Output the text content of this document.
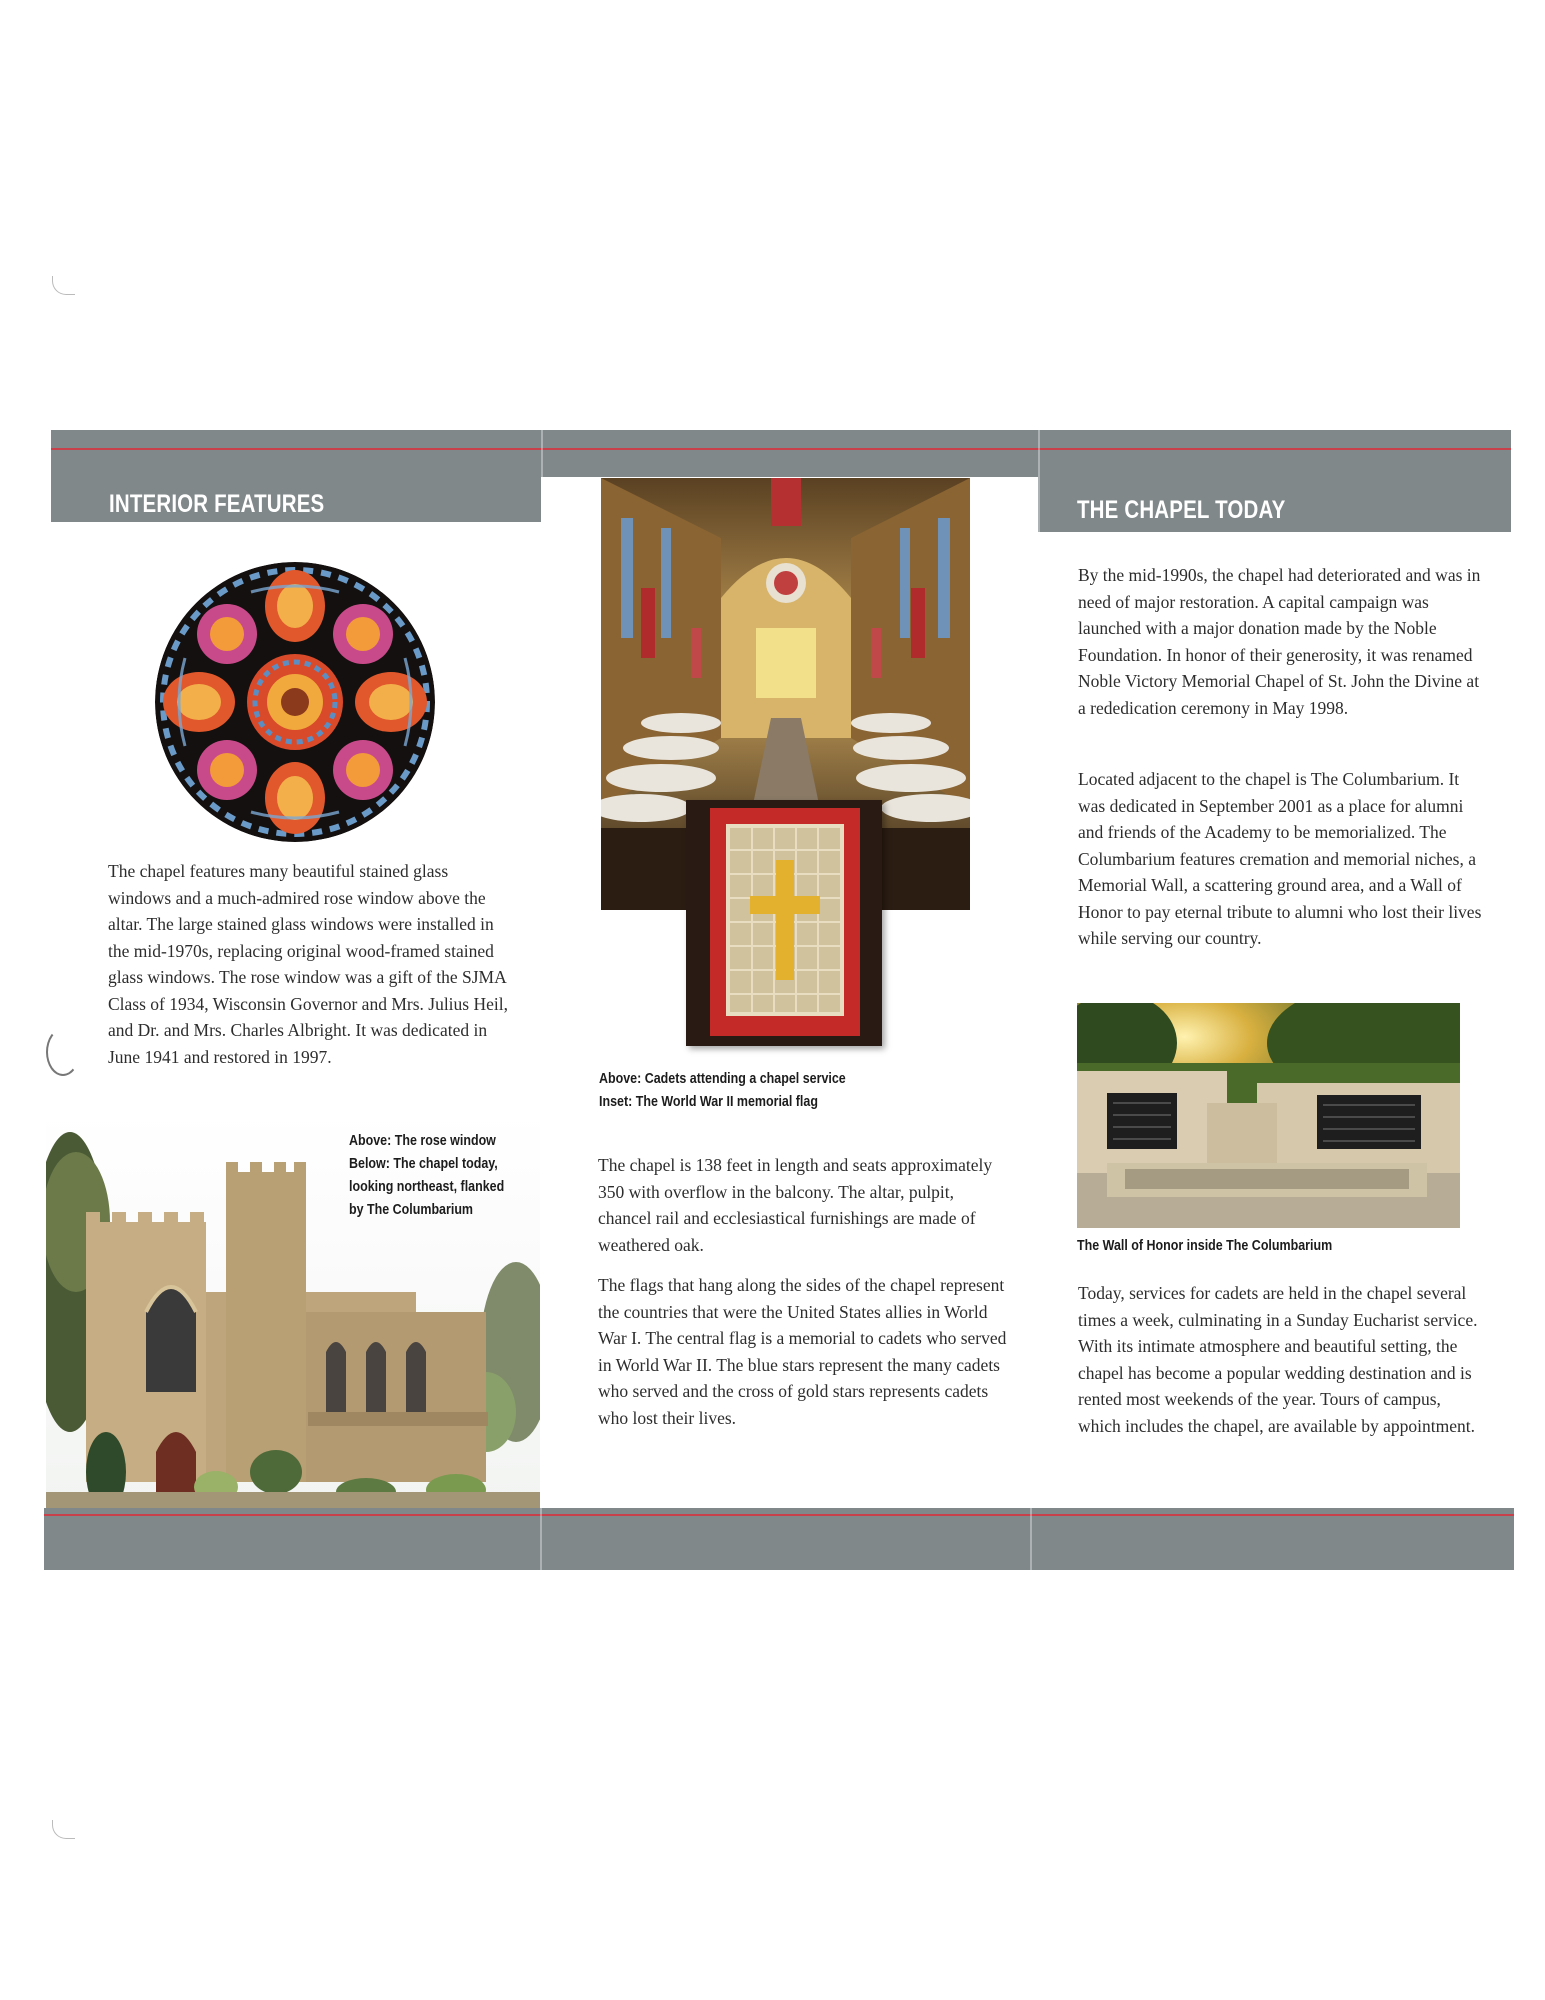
INTERIOR FEATURES

The chapel features many beautiful stained glass windows and a much-admired rose window above the altar. The large stained glass windows were installed in the mid-1970s, replacing original wood-framed stained glass windows. The rose window was a gift of the SJMA Class of 1934, Wisconsin Governor and Mrs. Julius Heil, and Dr. and Mrs. Charles Albright. It was dedicated in June 1941 and restored in 1997.

Above: The rose window
Below: The chapel today,
looking northeast, flanked
by The Columbarium

Above: Cadets attending a chapel service
Inset: The World War II memorial flag

The chapel is 138 feet in length and seats approximately 350 with overflow in the balcony. The altar, pulpit, chancel rail and ecclesiastical furnishings are made of weathered oak.

The flags that hang along the sides of the chapel represent the countries that were the United States allies in World War I. The central flag is a memorial to cadets who served in World War II. The blue stars represent the many cadets who served and the cross of gold stars represents cadets who lost their lives.

THE CHAPEL TODAY

By the mid-1990s, the chapel had deteriorated and was in need of major restoration. A capital campaign was launched with a major donation made by the Noble Foundation. In honor of their generosity, it was renamed Noble Victory Memorial Chapel of St. John the Divine at a rededication ceremony in May 1998.

Located adjacent to the chapel is The Columbarium. It was dedicated in September 2001 as a place for alumni and friends of the Academy to be memorialized. The Columbarium features cremation and memorial niches, a Memorial Wall, a scattering ground area, and a Wall of Honor to pay eternal tribute to alumni who lost their lives while serving our country.

The Wall of Honor inside The Columbarium

Today, services for cadets are held in the chapel several times a week, culminating in a Sunday Eucharist service. With its intimate atmosphere and beautiful setting, the chapel has become a popular wedding destination and is rented most weekends of the year. Tours of campus, which includes the chapel, are available by appointment.
